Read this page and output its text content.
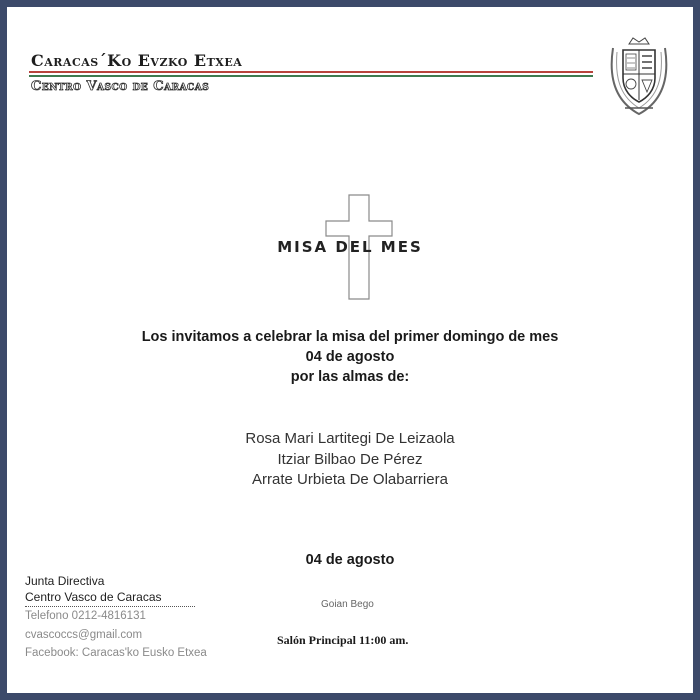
Caracas´Ko Evzko Etxea
Centro Vasco de Caracas
MISA DEL MES
Los invitamos a celebrar la misa del primer domingo de mes
04 de agosto
por las almas de:
Rosa Mari Lartitegi De Leizaola
Itziar Bilbao De Pérez
Arrate Urbieta De Olabarriera
04 de agosto
Goian Bego
Salón Principal 11:00 am.
Junta Directiva
Centro Vasco de Caracas
Telefono 0212-4816131
cvascoccs@gmail.com
Facebook: Caracas'ko Eusko Etxea
